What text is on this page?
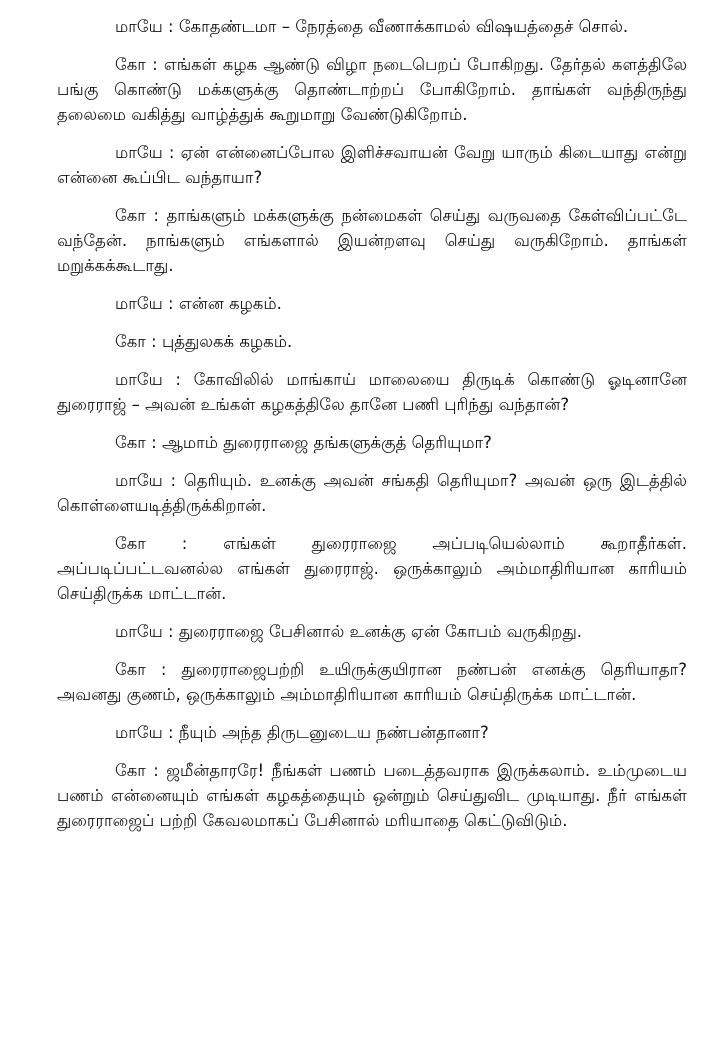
மாயே : கோதண்டமா – நேரத்தை வீணாக்காமல் விஷயத்தைச் சொல்.

கோ : எங்கள் கழக ஆண்டு விழா நடைபெறப் போகிறது. தேர்தல் களத்திலே பங்கு கொண்டு மக்களுக்கு தொண்டாற்றப் போகிறோம். தாங்கள் வந்திருந்து தலைமை வகித்து வாழ்த்துக் கூறுமாறு வேண்டுகிறோம்.

மாயே : ஏன் என்னைப்போல இளிச்சவாயன் வேறு யாரும் கிடையாது என்று என்னை கூப்பிட வந்தாயா?

கோ : தாங்களும் மக்களுக்கு நன்மைகள் செய்து வருவதை கேள்விப்பட்டே வந்தேன். நாங்களும் எங்களால் இயன்றளவு செய்து வருகிறோம். தாங்கள் மறுக்கக்கூடாது.

மாயே : என்ன கழகம்.

கோ : புத்துலகக் கழகம்.

மாயே : கோவிலில் மாங்காய் மாலையை திருடிக் கொண்டு ஓடினானே துரைராஜ் – அவன் உங்கள் கழகத்திலே தானே பணி புரிந்து வந்தான்?

கோ : ஆமாம் துரைராஜை தங்களுக்குத் தெரியுமா?

மாயே : தெரியும். உனக்கு அவன் சங்கதி தெரியுமா? அவன் ஒரு இடத்தில் கொள்ளையடித்திருக்கிறான்.

கோ : எங்கள் துரைராஜை அப்படியெல்லாம் கூறாதீர்கள். அப்படிப்பட்டவனல்ல எங்கள் துரைராஜ். ஒருக்காலும் அம்மாதிரியான காரியம் செய்திருக்க மாட்டான்.

மாயே : துரைராஜை பேசினால் உனக்கு ஏன் கோபம் வருகிறது.

கோ : துரைராஜைபற்றி உயிருக்குயிரான நண்பன் எனக்கு தெரியாதா? அவனது குணம், ஒருக்காலும் அம்மாதிரியான காரியம் செய்திருக்க மாட்டான்.

மாயே : நீயும் அந்த திருடனுடைய நண்பன்தானா?

கோ : ஜமீன்தாரரே! நீங்கள் பணம் படைத்தவராக இருக்கலாம். உம்முடைய பணம் என்னையும் எங்கள் கழகத்தையும் ஒன்றும் செய்துவிட முடியாது. நீர் எங்கள் துரைராஜைப் பற்றி கேவலமாகப் பேசினால் மரியாதை கெட்டுவிடும்.
